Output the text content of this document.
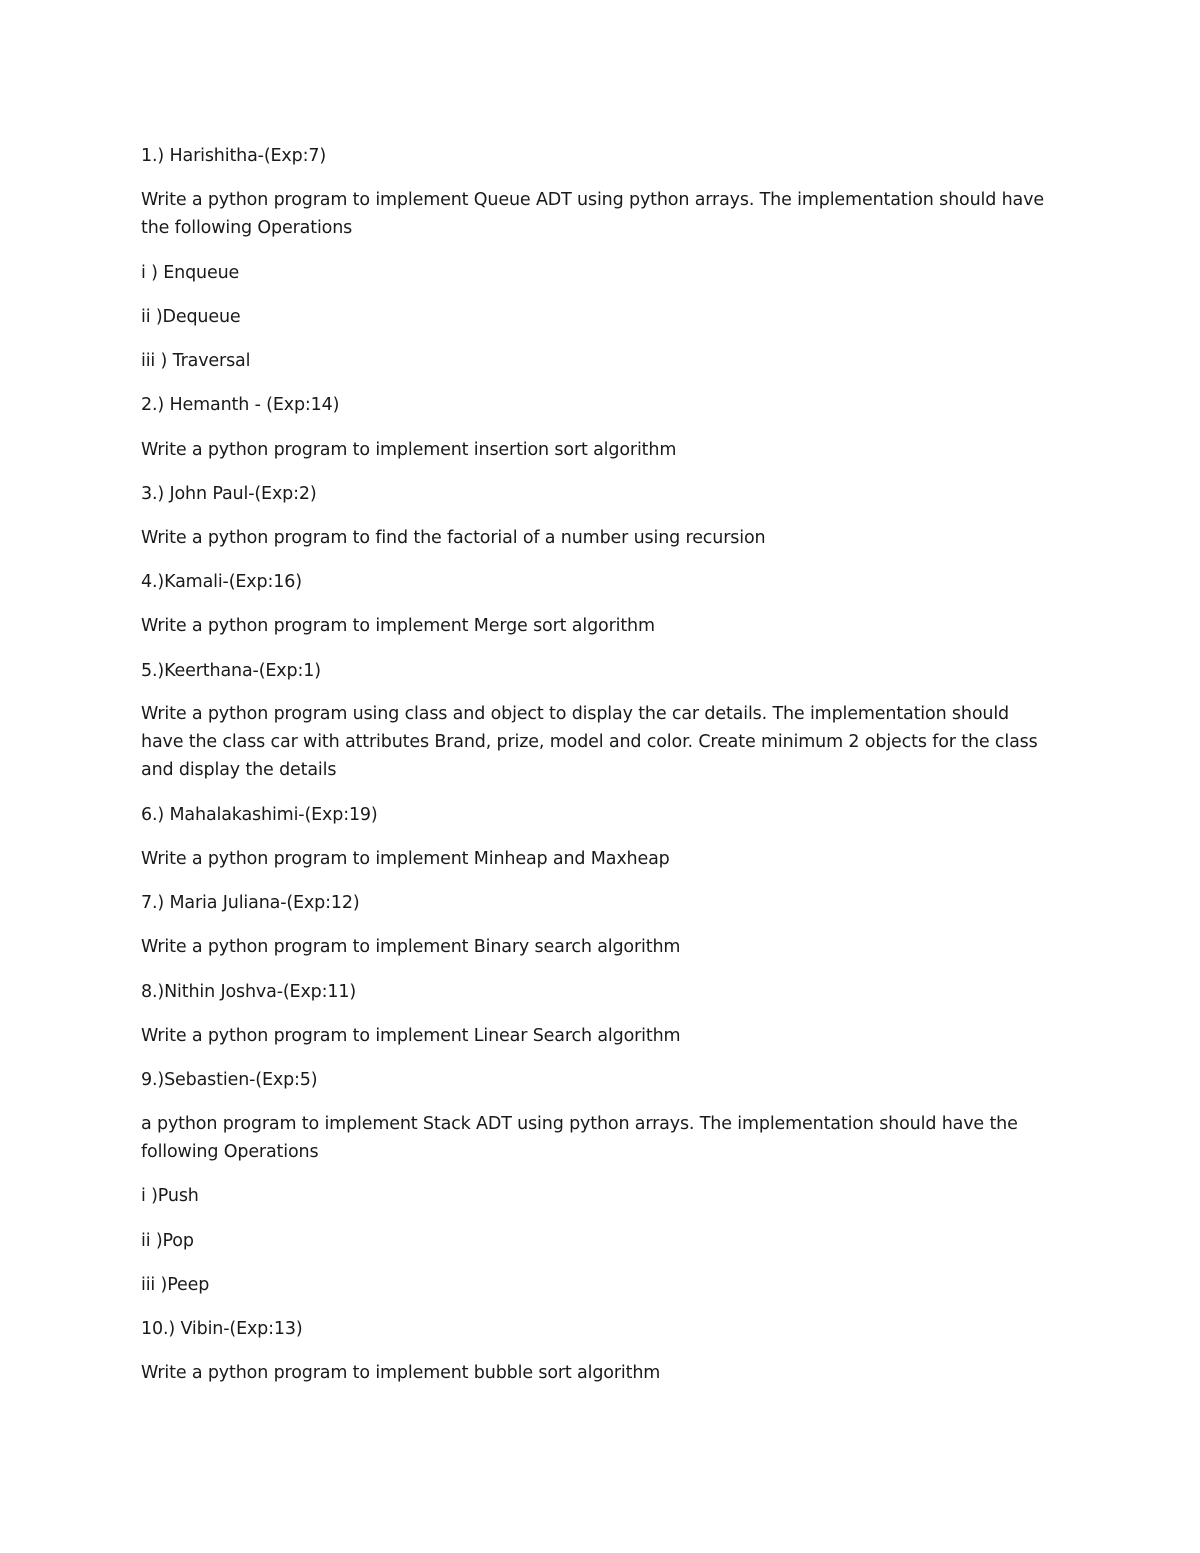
1.) Harishitha-(Exp:7)
Write a python program to implement Queue ADT using python arrays. The implementation should have
the following Operations
i ) Enqueue
ii )Dequeue
iii ) Traversal
2.) Hemanth - (Exp:14)
Write a python program to implement insertion sort algorithm
3.) John Paul-(Exp:2)
Write a python program to find the factorial of a number using recursion
4.)Kamali-(Exp:16)
Write a python program to implement Merge sort algorithm
5.)Keerthana-(Exp:1)
Write a python program using class and object to display the car details. The implementation should
have the class car with attributes Brand, prize, model and color. Create minimum 2 objects for the class
and display the details
6.) Mahalakashimi-(Exp:19)
Write a python program to implement Minheap and Maxheap
7.) Maria Juliana-(Exp:12)
Write a python program to implement Binary search algorithm
8.)Nithin Joshva-(Exp:11)
Write a python program to implement Linear Search algorithm
9.)Sebastien-(Exp:5)
a python program to implement Stack ADT using python arrays. The implementation should have the
following Operations
i )Push
ii )Pop
iii )Peep
10.) Vibin-(Exp:13)
Write a python program to implement bubble sort algorithm
